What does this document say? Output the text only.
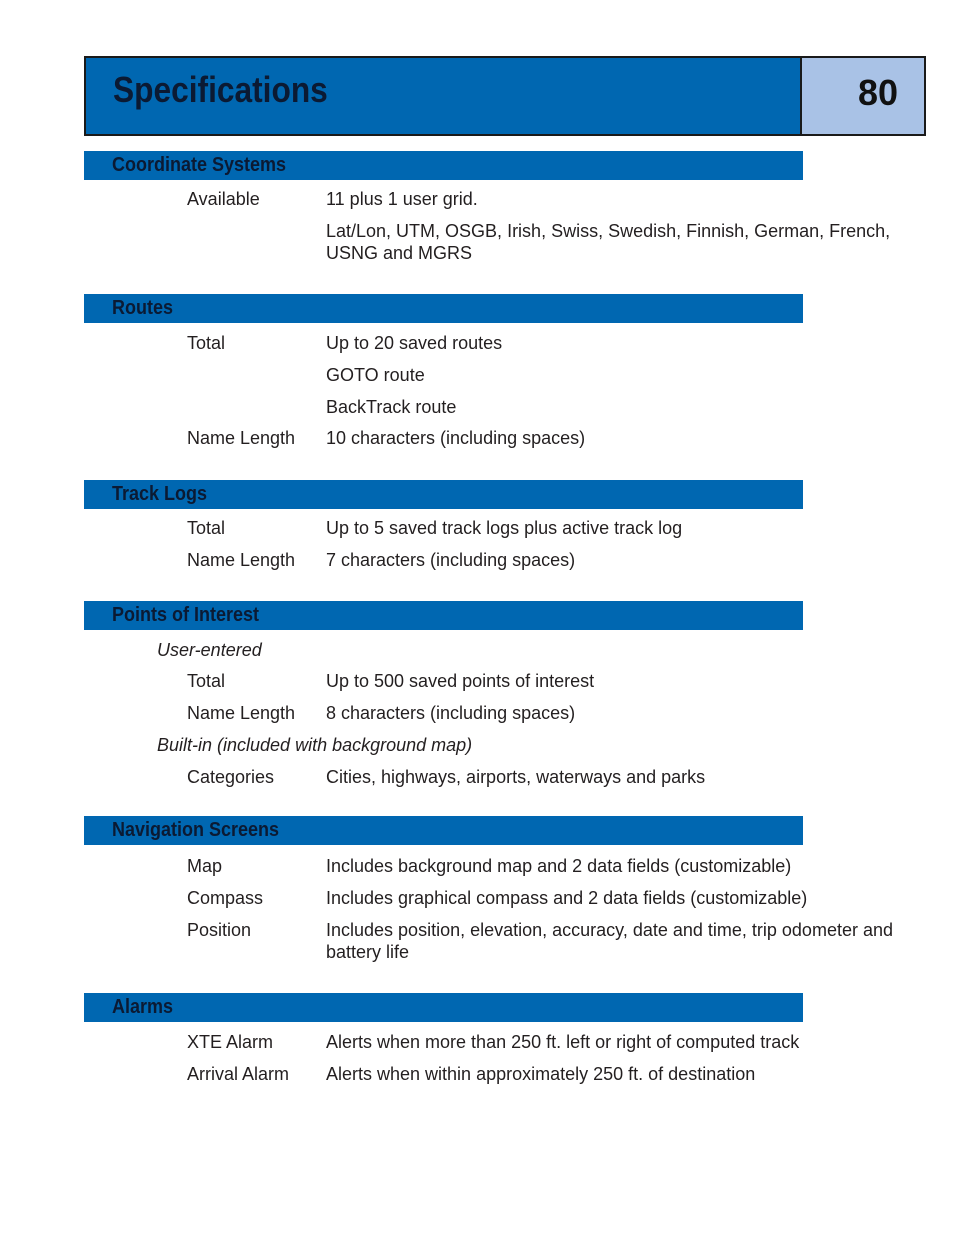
Specifications	80
Coordinate Systems
Available	11 plus 1 user grid.
Lat/Lon, UTM, OSGB, Irish, Swiss, Swedish, Finnish, German, French, USNG and MGRS
Routes
Total	Up to 20 saved routes
GOTO route
BackTrack route
Name Length 10 characters (including spaces)
Track Logs
Total	Up to 5 saved track logs plus active track log
Name Length 7 characters (including spaces)
Points of Interest
User-entered
Total	Up to 500 saved points of interest
Name Length 8 characters (including spaces)
Built-in (included with background map)
Categories	Cities, highways, airports, waterways and parks
Navigation Screens
Map	Includes background map and 2 data fields (customizable)
Compass	Includes graphical compass and 2 data fields (customizable)
Position	Includes position, elevation, accuracy, date and time, trip odometer and battery life
Alarms
XTE Alarm	Alerts when more than 250 ft. left or right of computed track
Arrival Alarm Alerts when within approximately 250 ft. of destination
